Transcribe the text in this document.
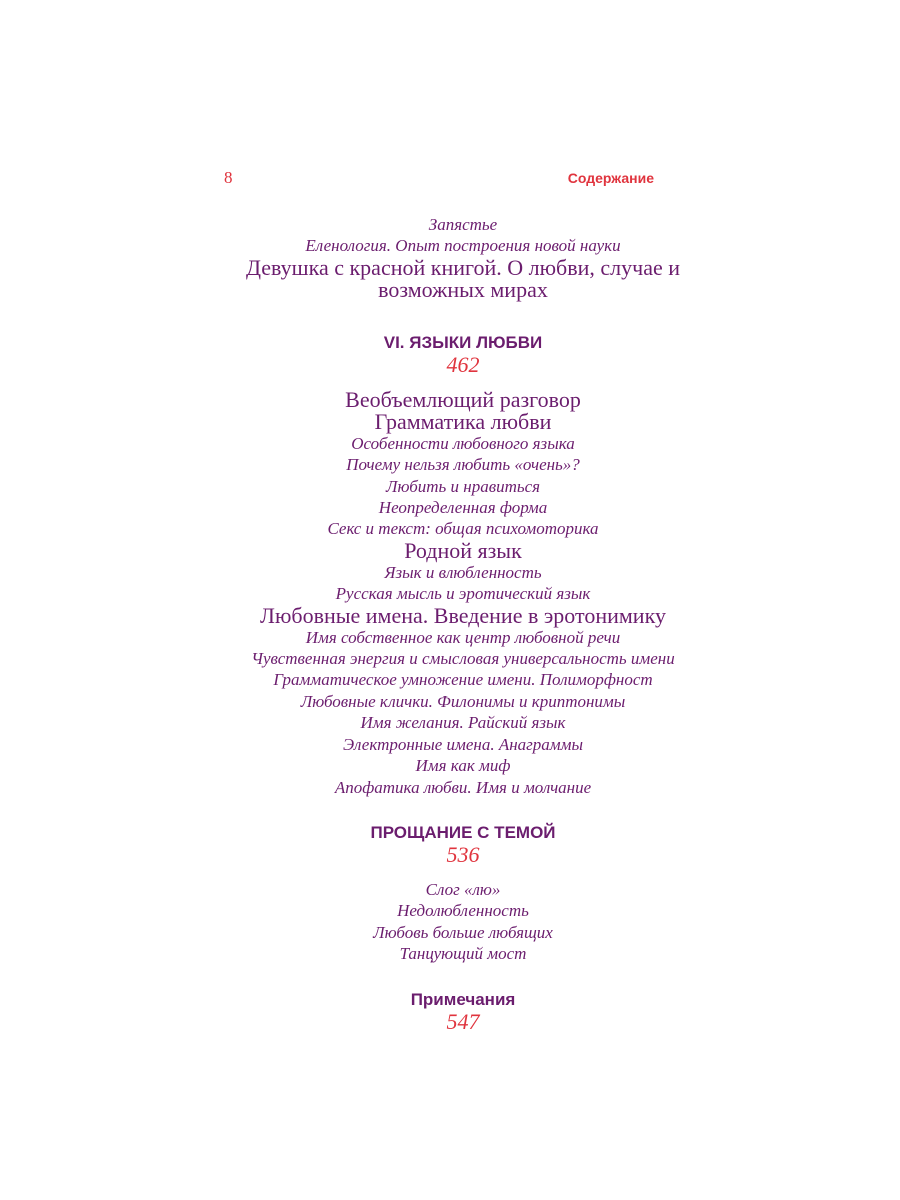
8	Содержание
Запястье
Еленология. Опыт построения новой науки
Девушка с красной книгой. О любви, случае и возможных мирах
VI. ЯЗЫКИ ЛЮБВИ
462
Веобъемлющий разговор
Грамматика любви
Особенности любовного языка
Почему нельзя любить «очень»?
Любить и нравиться
Неопределенная форма
Секс и текст: общая психомоторика
Родной язык
Язык и влюбленность
Русская мысль и эротический язык
Любовные имена. Введение в эротонимику
Имя собственное как центр любовной речи
Чувственная энергия и смысловая универсальность имени
Грамматическое умножение имени. Полиморфност
Любовные клички. Филонимы и криптонимы
Имя желания. Райский язык
Электронные имена. Анаграммы
Имя как миф
Апофатика любви. Имя и молчание
ПРОЩАНИЕ С ТЕМОЙ
536
Слог «лю»
Недолюбленность
Любовь больше любящих
Танцующий мост
Примечания
547
